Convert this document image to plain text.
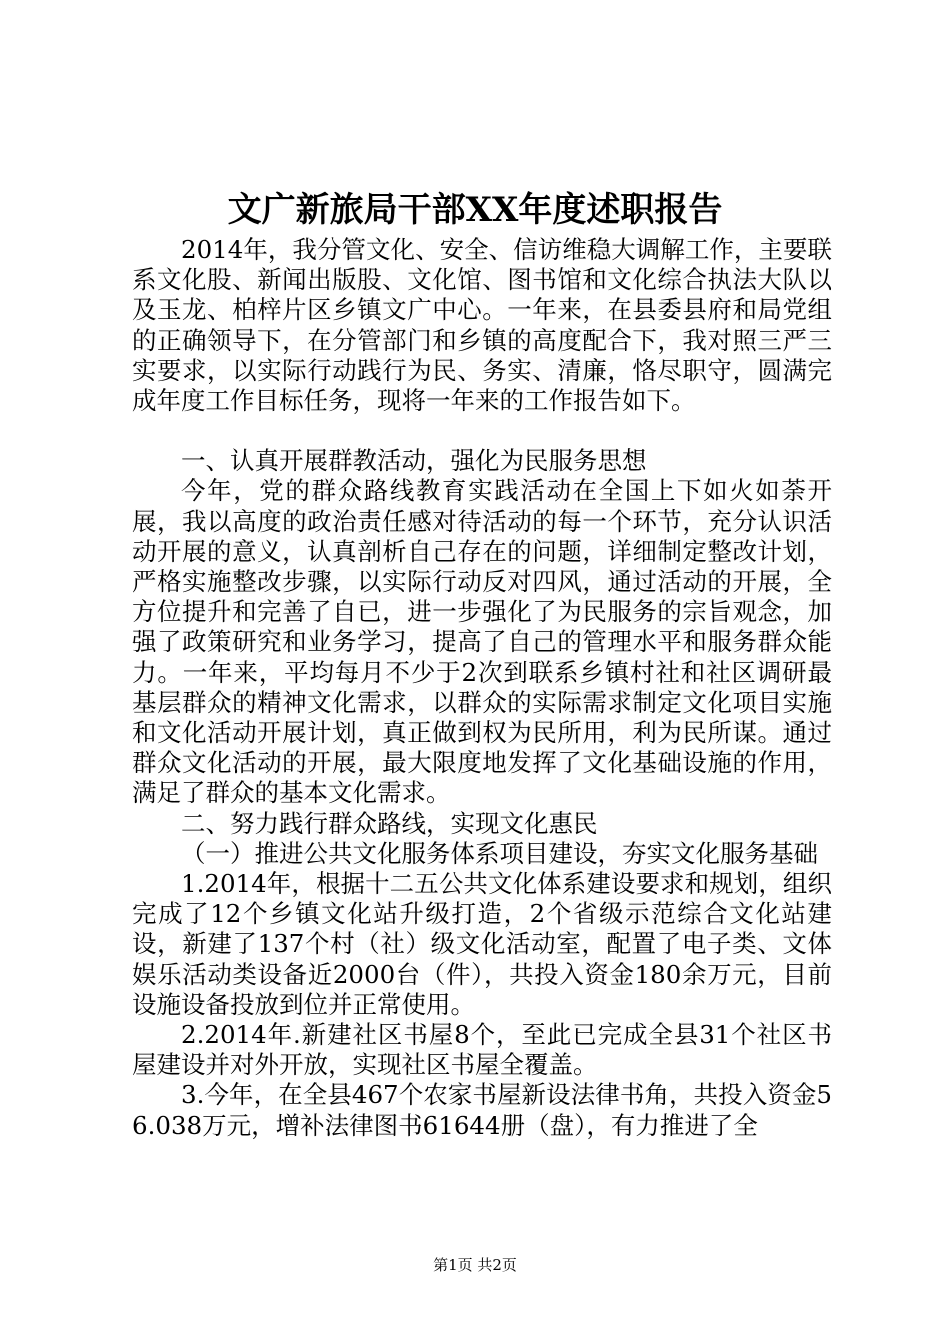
文广新旅局干部XX年度述职报告

2014年，我分管文化、安全、信访维稳大调解工作，主要联系文化股、新闻出版股、文化馆、图书馆和文化综合执法大队以及玉龙、柏梓片区乡镇文广中心。一年来，在县委县府和局党组的正确领导下，在分管部门和乡镇的高度配合下，我对照三严三实要求，以实际行动践行为民、务实、清廉，恪尽职守，圆满完成年度工作目标任务，现将一年来的工作报告如下。

一、认真开展群教活动，强化为民服务思想

今年，党的群众路线教育实践活动在全国上下如火如荼开展，我以高度的政治责任感对待活动的每一个环节，充分认识活动开展的意义，认真剖析自己存在的问题，详细制定整改计划，严格实施整改步骤，以实际行动反对四风，通过活动的开展，全方位提升和完善了自已，进一步强化了为民服务的宗旨观念，加强了政策研究和业务学习，提高了自己的管理水平和服务群众能力。一年来，平均每月不少于2次到联系乡镇村社和社区调研最基层群众的精神文化需求，以群众的实际需求制定文化项目实施和文化活动开展计划，真正做到权为民所用，利为民所谋。通过群众文化活动的开展，最大限度地发挥了文化基础设施的作用，满足了群众的基本文化需求。

二、努力践行群众路线，实现文化惠民

（一）推进公共文化服务体系项目建设，夯实文化服务基础

1.2014年，根据十二五公共文化体系建设要求和规划，组织完成了12个乡镇文化站升级打造，2个省级示范综合文化站建设，新建了137个村（社）级文化活动室，配置了电子类、文体娱乐活动类设备近2000台（件），共投入资金180余万元，目前设施设备投放到位并正常使用。

2.2014年.新建社区书屋8个，至此已完成全县31个社区书屋建设并对外开放，实现社区书屋全覆盖。

3.今年，在全县467个农家书屋新设法律书角，共投入资金56.038万元，增补法律图书61644册（盘），有力推进了全

第1页 共2页
